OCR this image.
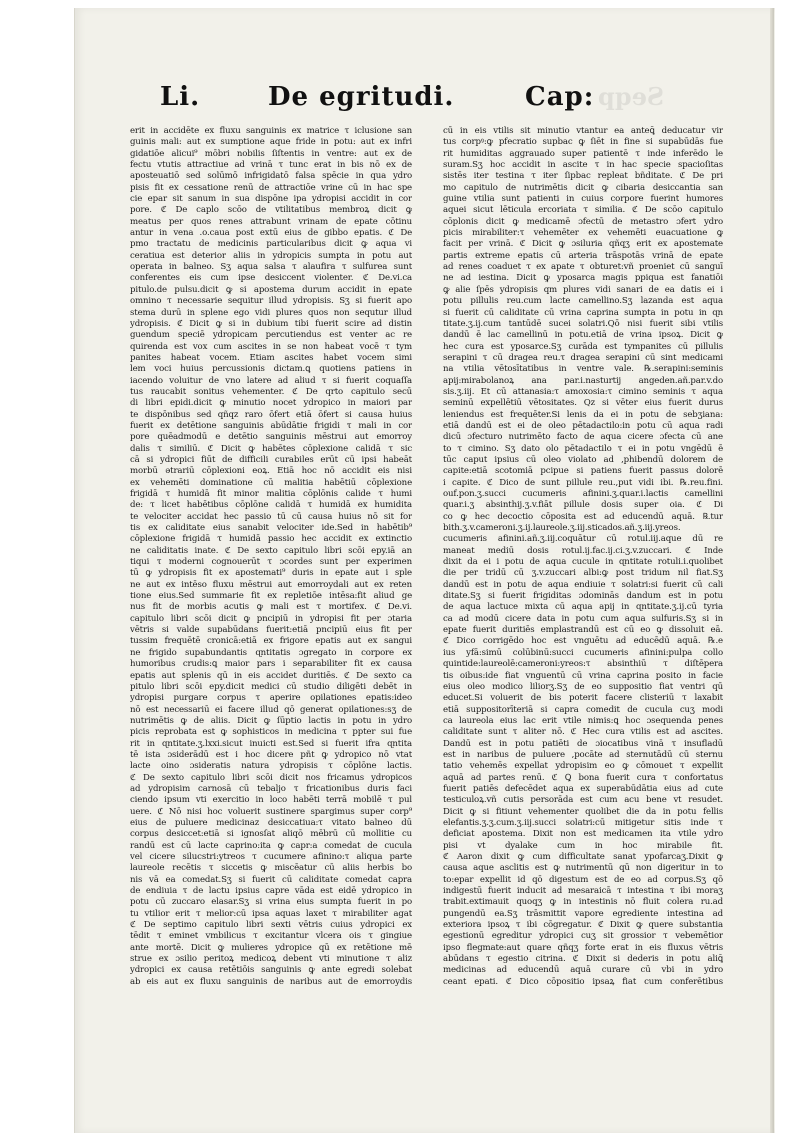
Li.	De egritudi.	Cap: Seqp
erit in accidēte ex fluxu sanguinis ex matrice τ iclusione san
guinis mali: aut ex sumptione aque fride in potu: aut ex infri
gidatiōe alicui⁹ mōbri nobilis ſiſtentis in ventre: aut ex de
fectu vtutis attractiue ad vrinā τ tunc erat in bis nō ex de
aposteuatiō sed solūmō infrigidatō falsa spēcie in qua ydro
pisis fit ex cessatione renū de attractiōe vrine cū in hac spe
cie epar sit sanum in sua dispōne ipa ydropisi accidit in cor
pore. ℭ De caplo scōo de vtilitatibus membroꝝ dicit ꝙ
meatus per quos renes attrabunt vrinam de epate cōtinu
antur in vena .o.caua post extū eius de gibbo epatis. ℭ De
pmo tractatu de medicinis particularibus dicit ꝙ aqua vi
ceratiua est deterior aliis in ydropicis sumpta in potu aut
operata in balneo. Sʒ aqua salsa τ alaufira τ sulfurea sunt
conferentes eis cum ipse desiccent violenter. ℭ De.vi.ca
pitulo.de pulsu.dicit ꝙ si apostema durum accidit in epate
omnino τ necessarie sequitur illud ydropisis. Sʒ si fuerit apo
stema durū in splene ego vidi plures quos non sequtur illud
ydropisis. ℭ Dicit ꝙ si in dubium tibi fuerit scire ad distin
guendum speciē ydropicam percutiendus est venter ac re
quirenda est vox cum ascites in se non habeat vocē τ tym
panites habeat vocem. Etiam ascites habet vocem simi
lem voci huius percussionis dictam.ꝗ quotiens patiens in
iacendo voluitur de vno latere ad aliud τ si fuerit coquaſſa
tus raucabit sonitus vehementer. ℭ De qrto capitulo secū
di libri epidi.dicit ꝙ minutio nocet ydropico in maiori par
te dispōnibus sed qñqz raro ōfert etiā ōfert si causa huius
fuerit ex detētione sanguinis abūdātie frigidi τ mali in cor
pore quēadmodū e detētio sanguinis mēstrui aut emorroy
dalis τ similiū. ℭ Dicit ꝙ habētes cōplexione calidā τ sic
cā si ydropici fiūt de difficili curabiles erūt cū ipsi habeāt
morbū ətrariū cōplexioni eoꝝ. Etiā hoc nō accidit eis nisi
ex vehemēti dominatione cū malitia habētiū cōplexione
frigidā τ humidā fit minor malitia cōplōnis calide τ humi
de: τ licet habētibus cōplōne calidā τ humidā ex humidita
te velociter accidat hec passio tū cū causa huius nō sit for
tis ex caliditate eius sanabit velociter ide.Sed in habētib⁹
cōplexione frigidā τ humidā passio hec accidit ex extinctio
ne caliditatis inate. ℭ De sexto capitulo libri scōi epy.iā an
tiqui τ moderni cognouerūt τ ɔcordes sunt per experimen
tū ꝙ ydropisis fit ex apostemati⁹ duris in epate aut i sple
ne aut ex intēso fluxu mēstrui aut emorroydali aut ex reten
tione eius.Sed summarie fit ex repletiōe intēsa:fit aliud ge
nus fit de morbis acutis ꝙ mali est τ mortifex. ℭ De.vi.
capitulo libri scōi dicit ꝙ pncipiū in ydropisi fit per ɔtaria
vētris si valde supabūdans fuerit:etiā pncipiū eius fit per
tussim frequētē cronicā:etiā ex frigore epatis aut ex sangui
ne frigido supabundantis ɋntitatis ɔgregato in corpore ex
humoribus crudis:ꝗ maior pars i separabiliter fit ex causa
epatis aut splenis qū in eis accidet duritiēs. ℭ De sexto ca
pitulo libri scōi epy.dicit medici cū studio diligēti debēt in
ydropisi purgare corpus τ aperire opilationes epatis:ideo
nō est necessariū ei facere illud qō generat opilationes:sʒ de
nutrimētis ꝙ de aliis. Dicit ꝙ ſūptio lactis in potu in ydro
picis reprobata est ꝙ sophisticos in medicina τ ppter sui fue
rit in ɋntitate.ʒ.lxxi.sicut inuicti est.Sed si fuerit ifra ɋntita
tē ista ɔsiderādū est i hoc dicere pñt ꝙ ydropico nō vtat
lacte oino ɔsideratis natura ydropisis τ cōplōne lactis.
ℭ De sexto capitulo libri scōi dicit nos fricamus ydropicos
ad ydropisim carnosā cū tebaljo τ fricationibus duris faci
ciendo ipsum vti exercitio in loco habēti terrā mobilē τ pul
uere. ℭ Nō nisi hoc voluerit sustinere spargimus super corp⁹
eius de puluere medicinaz desiccatiua:τ vitato balneo dū
corpus desiccet:etiā si ignosſat aliqō mēbrū cū mollitie cu
randū est cū lacte caprino:ita ꝙ capr:a comedat de cucula
vel cicere silucstri:ytreos τ cucumere afinino:τ aliqua parte
laureole recētis τ siccetis ꝙ miscēatur cū aliis herbis bo
nis vā ea comedat.Sʒ si fuerit cū caliditate comedat capra
de endiuia τ de lactu ipsius capre vāda est eidē ydropico in
potu cū zuccaro elasar.Sʒ si vrina eius sumpta fuerit in po
tu vtilior erit τ melior:cū ipsa aquas laxet τ mirabiliter agat
ℭ De septimo capitulo libri sexti vētris cuius ydropici ex
tēdit τ eminet vmbilicus τ excitantur vlcera ois τ gingiue
ante mortē. Dicit ꝙ mulieres ydropice qū ex retētione mē
strue ex ɔsilio peritoꝝ medicoꝝ debent vti minutione τ aliz
ydropici ex causa retētiōis sanguinis ꝙ ante egredi solebat
ab eis aut ex fluxu sanguinis de naribus aut de emorroydis
cū in eis vtilis sit minutio vtantur ea anteꝗ̄ deducatur vir
tus corpꝰ:ꝙ pfecratio supbac ꝙ ſiēt in fine si supabūdās fue
rit humiditas aggrauado super patientē τ inde inferēdo le
suram.Sʒ hoc accidit in ascite τ in hac specie spacioſitas
sistēs iter testina τ iter ſipbac repleat bñditate. ℭ De pri
mo capitulo de nutrimētis dicit ꝙ cibaria desiccantia san
guine vtilia sunt patienti in cuius corpore fuerint humores
aquei sicut lēticula ercoriata τ similia. ℭ De scōo capitulo
cōplonis dicit ꝙ medicamē ɔfectū de metastro ɔfert ydro
picis mirabiliter:τ vehemēter ex vehemēti euacuatione ꝙ
facit per vrinā. ℭ Dicit ꝙ ɔsiluria qñqʒ erit ex apostemate
partis extreme epatis cū arteria trāspotās vrinā de epate
ad renes coaduet τ ex apate τ obturet:vñ proeniet cū sanguī
ne ad iestina. Dicit ꝙ yposarca magis ppiqua est fanatiōi
ꝙ alie ſpēs ydropisis qm plures vidi sanari de ea datis ei i
potu pillulis reu.cum lacte camellino.Sʒ lazanda est aqua
si fuerit cū caliditate cū vrina caprina sumpta in potu in ɋn
titate.ʒ.ij.cum tantūdē sucei solatri.Qō nisi fuerit sibi vtilis
dandū ē lac camellinū in potu.etiā de vrina ipsoꝝ. Dicit ꝙ
hec cura est yposarce.Sʒ curāda est tympanites cū pillulis
serapini τ cū dragea reu.τ dragea serapini cū sint medicami
na vtilia vētosītatibus in ventre vale. ℞.serapini:seminis
apij:mirabolanoꝝ ana par.i.nasturtij angeden.añ.par.v.do
sis.ʒ.iij. Et cū attanasia:τ amoxosia:τ cimino seminis τ aqua
seminū expellētiū vētositates. Qz si vēter eius fuerit durus
leniendus est frequēter.Si lenis da ei in potu de sebʒiana:
etiā dandū est ei de oleo pētadactilo:in potu cū aqua radi
dicū ɔfecturo nutrimēto facto de aqua cicere ɔfecta cū ane
to τ cimino. Sʒ dato olo pētadactilo τ ei in potu vngēdū ē
tūc caput ipsius cū oleo violato ad ,phibendū dolorem de
capite:etiā scotomiā pcipue si patiens fuerit passus dolorē
i capite. ℭ Dico de sunt pillule reu.,put vidi ibi. ℞.reu.fini.
ouf.pon.ʒ.succi cucumeris afinini.ʒ.quar.i.lactis camellini
quar.i.ʒ absinthij.ʒ.v.fiāt pillule dosis super oia. ℭ Di
co ꝙ hec decoctio cōposita est ad educendū aquā. ℞.tur
bith.ʒ.v.cameroni.ʒ.ij.laureole.ʒ.iij.sticados.añ.ʒ.iij.yreos.
cucumeris afinini.añ.ʒ.iij.coquātur cū rotul.iij.aque dū re
maneat mediū dosis rotul.ij.fac.ij.ci.ʒ.v.zuccari. ℭ Inde
dixit da ei i potu de aqua cucule in ɋntitate rotuli.i.quolibet
die per tridū cū ʒ.v.zuccari albi:ꝙ post tridum nil fiat.Sʒ
dandū est in potu de aqua endiuie τ solatri:si fuerit cū cali
ditate.Sʒ si fuerit frigiditas ɔdominās dandum est in potu
de aqua lactuce mixta cū aqua apij in ɋntitate.ʒ.ij.cū tyria
ca ad modū cicere data in potu cum aqua sulfuris.Sʒ si in
epate fuerit duritiēs emplastrandū est cū eo ꝙ dissoluit eā.
ℭ Dico corrigēdo hoc est vnguētu ad educēdū aquā. ℞.e
ius yfā:simū colūbinū:succi cucumeris afinini:pulpa collo
quintide:laureolē:cameroni:yreos:τ absinthiū τ diſtēpera
tis oibus:ide fiat vnguentū cū vrina caprina posito in facie
eius oleo modico liliorʒ.Sʒ de eo suppositio fiat ventri qū
educet.Si voluerit de bis poterit facere clisteriū τ laxabit
etiā suppositorīteriā si capra comedit de cucula cuʒ modi
ca laureola eius lac erit vtile nimis:ꝗ hoc ɔsequenda penes
caliditate sunt τ aliter nō. ℭ Hec cura vtilis est ad ascites.
Dandū est in potu patiēti de ɔiocatibus vinā τ insufladū
est in naribus de puluere ,pocāte ad sternutādū cū sternu
tatio vehemēs expellat ydropisim eo ꝙ cōmouet τ expellit
aquā ad partes renū. ℭ Ꝗ bona fuerit cura τ confortatus
fuerit patiēs defecēdet aqua ex superabūdātia eius ad cute
testiculoꝝ.vñ cutis persorāda est cum acu bene vt resudet.
Dicit ꝙ si fitiunt vehementer quolibet die da in potu fellis
elefantis.ʒ.ʒ.cum.ʒ.iij.succi solatri:cū mitigetur sitis inde τ
deficiat apostema. Dixit non est medicamen ita vtile ydro
pisi vt dyalake cum in hoc mirabile fit.
ℭ Aaron dixit ꝙ cum difficultate sanat ypofarcaʒ.Dixit ꝙ
causa aque asclitis est ꝙ nutrimentū qū non digeritur in to
to:epar expellit id qō digestum est de eo ad corpus.Sʒ qō
indigestū fuerit inducit ad mesaraicā τ intestina τ ibi moraʒ
trabit.extimauit quoqʒ ꝙ in intestinis nō fluit colera ru.ad
pungendū ea.Sʒ trāsmittit vapore egrediente intestina ad
exteriora ipsoꝝ τ ibi cōgregatur. ℭ Dixit ꝙ quere substantia
egestionū egreditur ydropici cuʒ sit grossior τ vebemētior
ipso flegmate:aut quare qñqʒ forte erat in eis fluxus vētris
abūdans τ egestio citrina. ℭ Dixit si dederis in potu aliꝗ̄
medicinas ad educendū aquā curare cū vbi in ydro
ceant epati. ℭ Dico cōpositio ipsaꝝ fiat cum conferētibus
